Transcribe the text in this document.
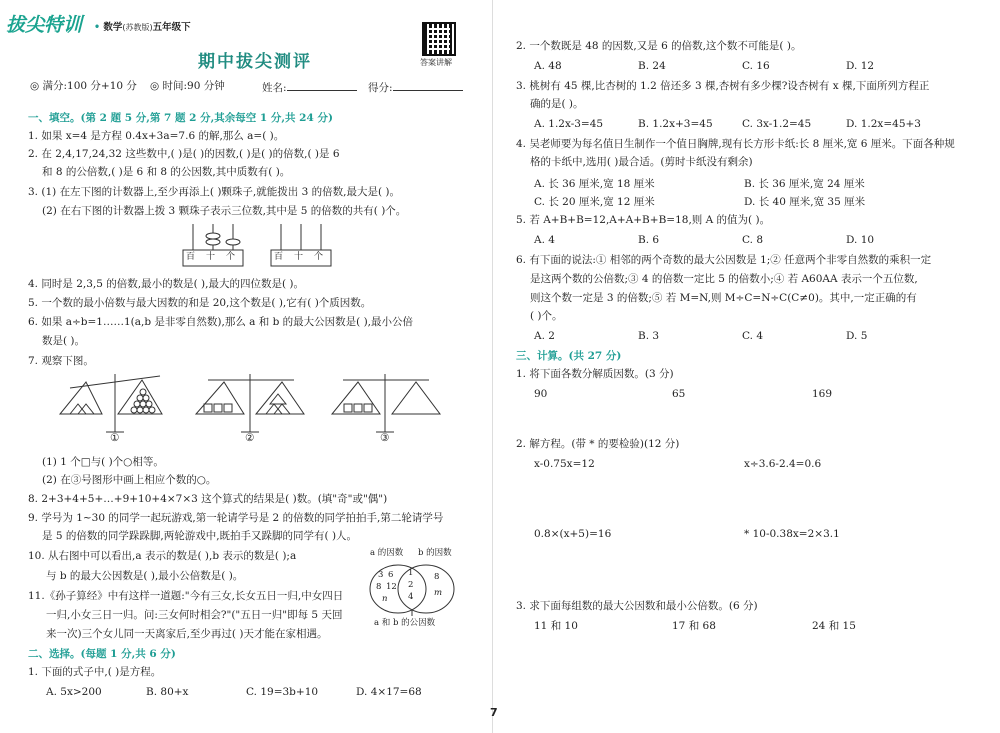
拔尖特训 • 数学(苏教版)五年级下
答案讲解
期中拔尖测评
◎ 满分:100 分+10 分 ◎ 时间:90 分钟	姓名:	得分:
一、填空。(第 2 题 5 分,第 7 题 2 分,其余每空 1 分,共 24 分)
1. 如果 x=4 是方程 0.4x+3a=7.6 的解,那么 a=( )。
2. 在 2,4,17,24,32 这些数中,( )是( )的因数,( )是( )的倍数,( )是 6
和 8 的公倍数,( )是 6 和 8 的公因数,其中质数有( )。
3. (1) 在左下图的计数器上,至少再添上( )颗珠子,就能拨出 3 的倍数,最大是( )。
(2) 在右下图的计数器上拨 3 颗珠子表示三位数,其中是 5 的倍数的共有( )个。
百 十 个	百 十 个
4. 同时是 2,3,5 的倍数,最小的数是( ),最大的四位数是( )。
5. 一个数的最小倍数与最大因数的和是 20,这个数是( ),它有( )个质因数。
6. 如果 a÷b=1……1(a,b 是非零自然数),那么 a 和 b 的最大公因数是( ),最小公倍
数是( )。
7. 观察下图。
①	②	③
(1) 1 个□与( )个○相等。
(2) 在③号图形中画上相应个数的○。
8. 2+3+4+5+…+9+10+4×7×3 这个算式的结果是( )数。(填"奇"或"偶")
9. 学号为 1~30 的同学一起玩游戏,第一轮请学号是 2 的倍数的同学拍拍手,第二轮请学号
是 5 的倍数的同学跺跺脚,两轮游戏中,既拍手又跺脚的同学有( )人。
10. 从右图中可以看出,a 表示的数是( ),b 表示的数是( );a
与 b 的最大公因数是( ),最小公倍数是( )。
11.《孙子算经》中有这样一道题:"今有三女,长女五日一归,中女四日
一归,小女三日一归。问:三女何时相会?"("五日一归"即每 5 天回
来一次)三个女儿同一天离家后,至少再过( )天才能在家相遇。
a 的因数 b 的因数
3 6
8 12
n
1
2
4
8
m
a 和 b 的公因数
二、选择。(每题 1 分,共 6 分)
1. 下面的式子中,( )是方程。
A. 5x>200	B. 80+x	C. 19=3b+10	D. 4×17=68
2. 一个数既是 48 的因数,又是 6 的倍数,这个数不可能是( )。
A. 48	B. 24	C. 16	D. 12
3. 桃树有 45 棵,比杏树的 1.2 倍还多 3 棵,杏树有多少棵?设杏树有 x 棵,下面所列方程正
确的是( )。
A. 1.2x-3=45	B. 1.2x+3=45	C. 3x-1.2=45	D. 1.2x=45+3
4. 吴老师要为每名值日生制作一个值日胸牌,现有长方形卡纸:长 8 厘米,宽 6 厘米。下面各种规
格的卡纸中,选用( )最合适。(剪时卡纸没有剩余)
A. 长 36 厘米,宽 18 厘米	B. 长 36 厘米,宽 24 厘米
C. 长 20 厘米,宽 12 厘米	D. 长 40 厘米,宽 35 厘米
5. 若 A+B+B=12,A+A+B+B=18,则 A 的值为( )。
A. 4	B. 6	C. 8	D. 10
6. 有下面的说法:① 相邻的两个奇数的最大公因数是 1;② 任意两个非零自然数的乘积一定
是这两个数的公倍数;③ 4 的倍数一定比 5 的倍数小;④ 若 A60AA 表示一个五位数,
则这个数一定是 3 的倍数;⑤ 若 M=N,则 M÷C=N÷C(C≠0)。其中,一定正确的有
( )个。
A. 2	B. 3	C. 4	D. 5
三、计算。(共 27 分)
1. 将下面各数分解质因数。(3 分)
90	65	169
2. 解方程。(带 * 的要检验)(12 分)
x-0.75x=12	x÷3.6-2.4=0.6
0.8×(x+5)=16	* 10-0.38x=2×3.1
3. 求下面每组数的最大公因数和最小公倍数。(6 分)
11 和 10	17 和 68	24 和 15
7
